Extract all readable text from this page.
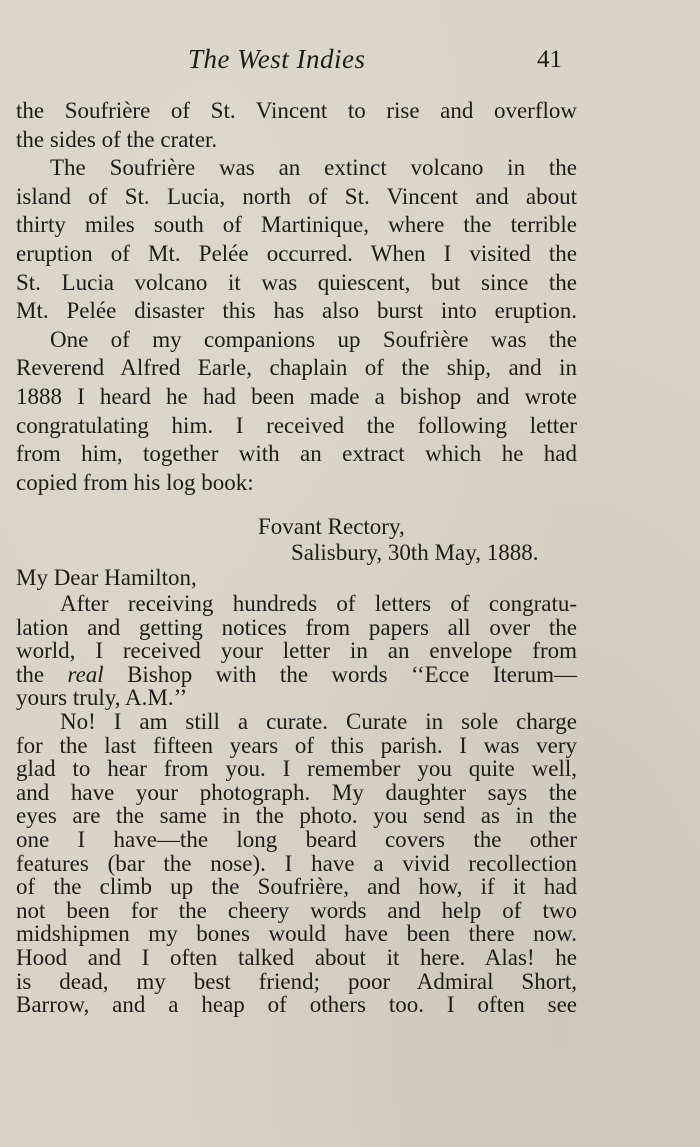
The West Indies	41
the Soufrière of St. Vincent to rise and overflow
the sides of the crater.
The Soufrière was an extinct volcano in the
island of St. Lucia, north of St. Vincent and about
thirty miles south of Martinique, where the terrible
eruption of Mt. Pelée occurred. When I visited the
St. Lucia volcano it was quiescent, but since the
Mt. Pelée disaster this has also burst into eruption.
One of my companions up Soufrière was the
Reverend Alfred Earle, chaplain of the ship, and in
1888 I heard he had been made a bishop and wrote
congratulating him. I received the following letter
from him, together with an extract which he had
copied from his log book:
Fovant Rectory,
Salisbury, 30th May, 1888.
My Dear Hamilton,
After receiving hundreds of letters of congratu-
lation and getting notices from papers all over the
world, I received your letter in an envelope from
the real Bishop with the words ‘‘Ecce Iterum—
yours truly, A.M.’’
No! I am still a curate. Curate in sole charge
for the last fifteen years of this parish. I was very
glad to hear from you. I remember you quite well,
and have your photograph. My daughter says the
eyes are the same in the photo. you send as in the
one I have—the long beard covers the other
features (bar the nose). I have a vivid recollection
of the climb up the Soufrière, and how, if it had
not been for the cheery words and help of two
midshipmen my bones would have been there now.
Hood and I often talked about it here. Alas! he
is dead, my best friend; poor Admiral Short,
Barrow, and a heap of others too. I often see
